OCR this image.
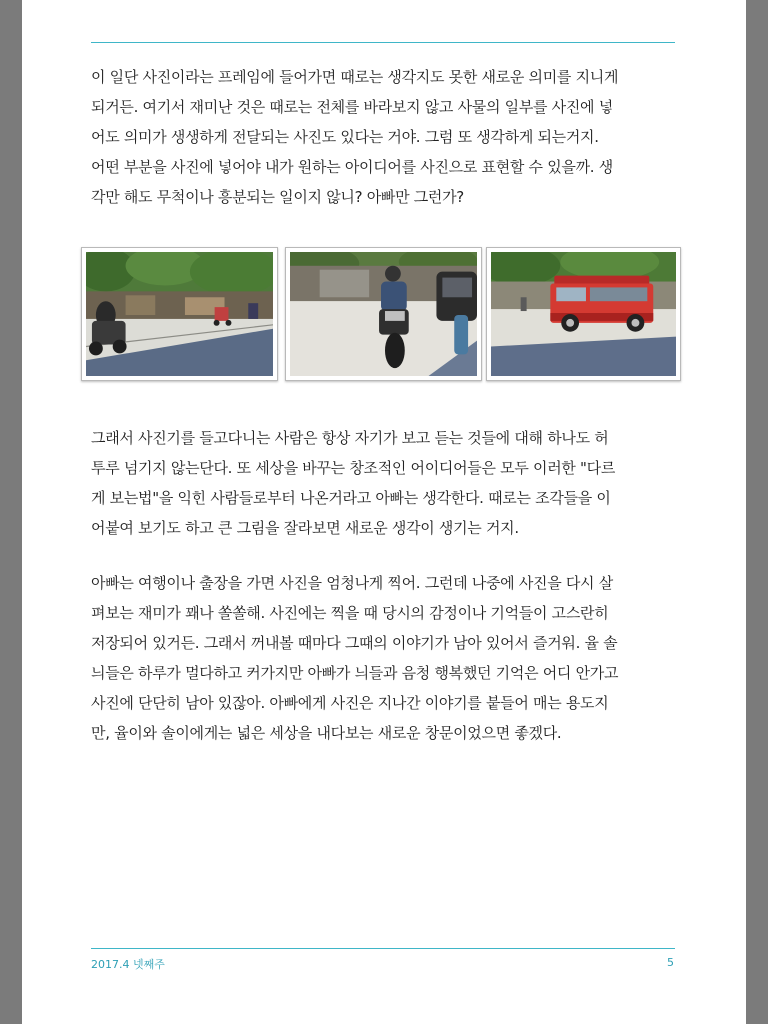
이 일단 사진이라는 프레임에 들어가면 때로는 생각지도 못한 새로운 의미를 지니게
되거든. 여기서 재미난 것은 때로는 전체를 바라보지 않고 사물의 일부를 사진에 넣
어도 의미가 생생하게 전달되는 사진도 있다는 거야. 그럼 또 생각하게 되는거지.
어떤 부분을 사진에 넣어야 내가 원하는 아이디어를 사진으로 표현할 수 있을까. 생
각만 해도 무척이나 흥분되는 일이지 않니? 아빠만 그런가?
그래서 사진기를 들고다니는 사람은 항상 자기가 보고 듣는 것들에 대해 하나도 허
투루 넘기지 않는단다. 또 세상을 바꾸는 창조적인 어이디어들은 모두 이러한 "다르
게 보는법"을 익힌 사람들로부터 나온거라고 아빠는 생각한다. 때로는 조각들을 이
어붙여 보기도 하고 큰 그림을 잘라보면 새로운 생각이 생기는 거지.
아빠는 여행이나 출장을 가면 사진을 엄청나게 찍어. 그런데 나중에 사진을 다시 살
펴보는 재미가 꽤나 쏠쏠해. 사진에는 찍을 때 당시의 감정이나 기억들이 고스란히
저장되어 있거든. 그래서 꺼내볼 때마다 그때의 이야기가 남아 있어서 즐거워. 율 솔
늬들은 하루가 멀다하고 커가지만 아빠가 늬들과 음청 행복했던 기억은 어디 안가고
사진에 단단히 남아 있잖아. 아빠에게 사진은 지나간 이야기를 붙들어 매는 용도지
만, 율이와 솔이에게는 넓은 세상을 내다보는 새로운 창문이었으면 좋겠다.
2017.4 넷째주	5
